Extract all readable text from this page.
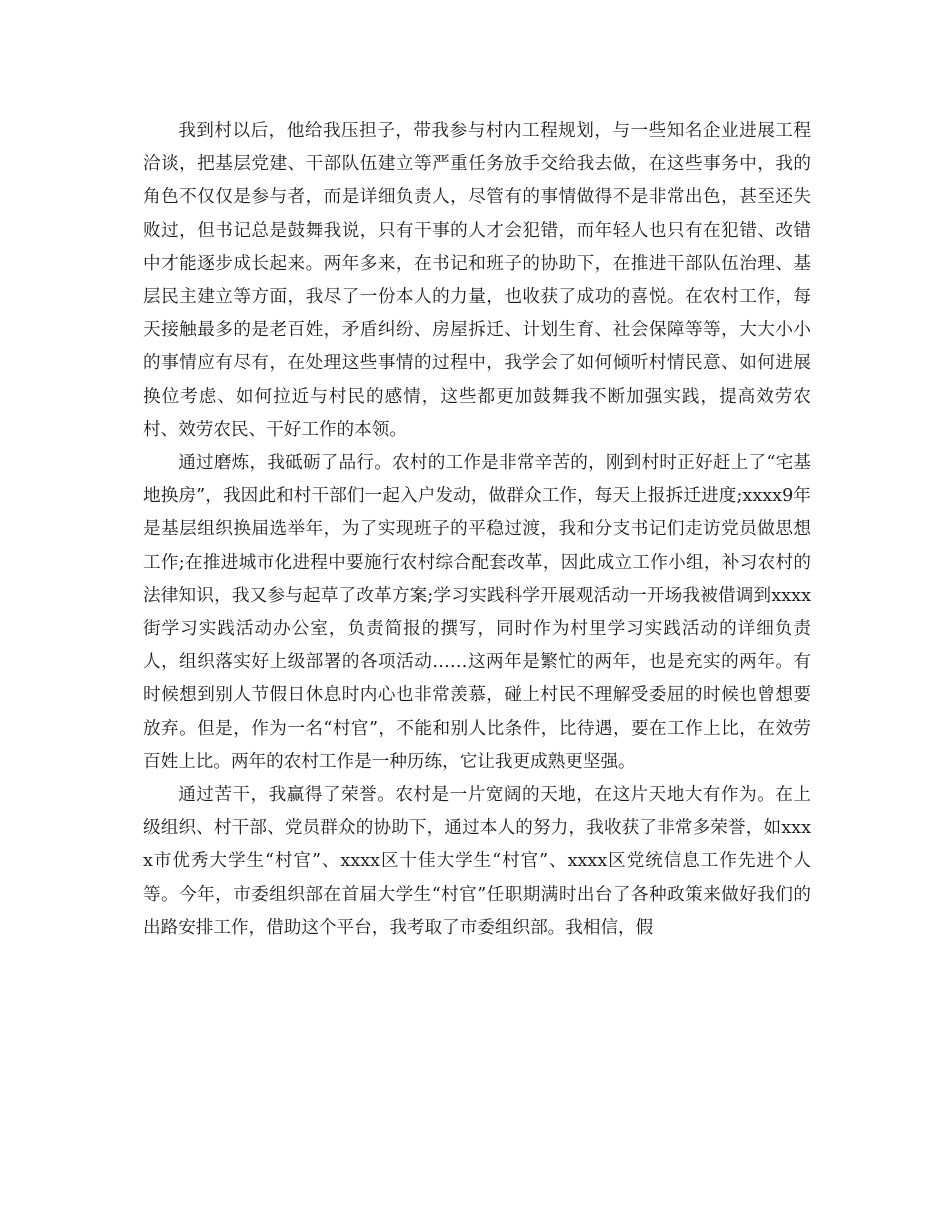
我到村以后，他给我压担子，带我参与村内工程规划，与一些知名企业进展工程洽谈，把基层党建、干部队伍建立等严重任务放手交给我去做，在这些事务中，我的角色不仅仅是参与者，而是详细负责人，尽管有的事情做得不是非常出色，甚至还失败过，但书记总是鼓舞我说，只有干事的人才会犯错，而年轻人也只有在犯错、改错中才能逐步成长起来。两年多来，在书记和班子的协助下，在推进干部队伍治理、基层民主建立等方面，我尽了一份本人的力量，也收获了成功的喜悦。在农村工作，每天接触最多的是老百姓，矛盾纠纷、房屋拆迁、计划生育、社会保障等等，大大小小的事情应有尽有，在处理这些事情的过程中，我学会了如何倾听村情民意、如何进展换位考虑、如何拉近与村民的感情，这些都更加鼓舞我不断加强实践，提高效劳农村、效劳农民、干好工作的本领。

通过磨炼，我砥砺了品行。农村的工作是非常辛苦的，刚到村时正好赶上了“宅基地换房”，我因此和村干部们一起入户发动，做群众工作，每天上报拆迁进度;xxxx9年是基层组织换届选举年，为了实现班子的平稳过渡，我和分支书记们走访党员做思想工作;在推进城市化进程中要施行农村综合配套改革，因此成立工作小组，补习农村的法律知识，我又参与起草了改革方案;学习实践科学开展观活动一开场我被借调到xxxx街学习实践活动办公室，负责简报的撰写，同时作为村里学习实践活动的详细负责人，组织落实好上级部署的各项活动……这两年是繁忙的两年，也是充实的两年。有时候想到别人节假日休息时内心也非常羡慕，碰上村民不理解受委屈的时候也曾想要放弃。但是，作为一名“村官”，不能和别人比条件，比待遇，要在工作上比，在效劳百姓上比。两年的农村工作是一种历练，它让我更成熟更坚强。

通过苦干，我赢得了荣誉。农村是一片宽阔的天地，在这片天地大有作为。在上级组织、村干部、党员群众的协助下，通过本人的努力，我收获了非常多荣誉，如xxxx市优秀大学生“村官”、xxxx区十佳大学生“村官”、xxxx区党统信息工作先进个人等。今年，市委组织部在首届大学生“村官”任职期满时出台了各种政策来做好我们的出路安排工作，借助这个平台，我考取了市委组织部。我相信，假
